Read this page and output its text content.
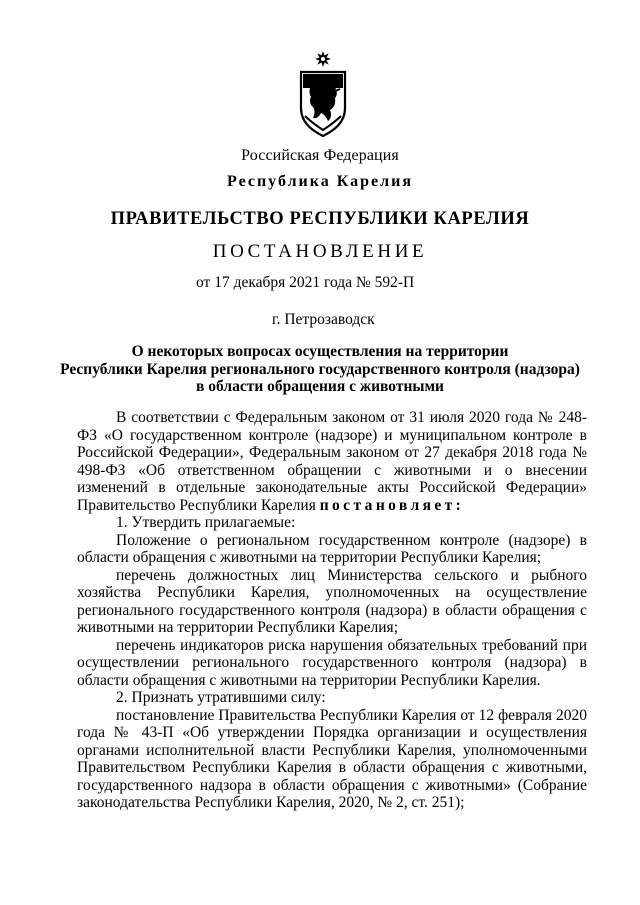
Российская Федерация
Республика Карелия
ПРАВИТЕЛЬСТВО РЕСПУБЛИКИ КАРЕЛИЯ
ПОСТАНОВЛЕНИЕ
от 17 декабря 2021 года № 592-П
г. Петрозаводск
О некоторых вопросах осуществления на территории
Республики Карелия регионального государственного контроля (надзора)
в области обращения с животными

В соответствии с Федеральным законом от 31 июля 2020 года № 248-ФЗ «О государственном контроле (надзоре) и муниципальном контроле в Российской Федерации», Федеральным законом от 27 декабря 2018 года № 498-ФЗ «Об ответственном обращении с животными и о внесении изменений в отдельные законодательные акты Российской Федерации» Правительство Республики Карелия постановляет:

1. Утвердить прилагаемые:

Положение о региональном государственном контроле (надзоре) в области обращения с животными на территории Республики Карелия;

перечень должностных лиц Министерства сельского и рыбного хозяйства Республики Карелия, уполномоченных на осуществление регионального государственного контроля (надзора) в области обращения с животными на территории Республики Карелия;

перечень индикаторов риска нарушения обязательных требований при осуществлении регионального государственного контроля (надзора) в области обращения с животными на территории Республики Карелия.

2. Признать утратившими силу:

постановление Правительства Республики Карелия от 12 февраля 2020 года № 43-П «Об утверждении Порядка организации и осуществления органами исполнительной власти Республики Карелия, уполномоченными Правительством Республики Карелия в области обращения с животными, государственного надзора в области обращения с животными» (Собрание законодательства Республики Карелия, 2020, № 2, ст. 251);
